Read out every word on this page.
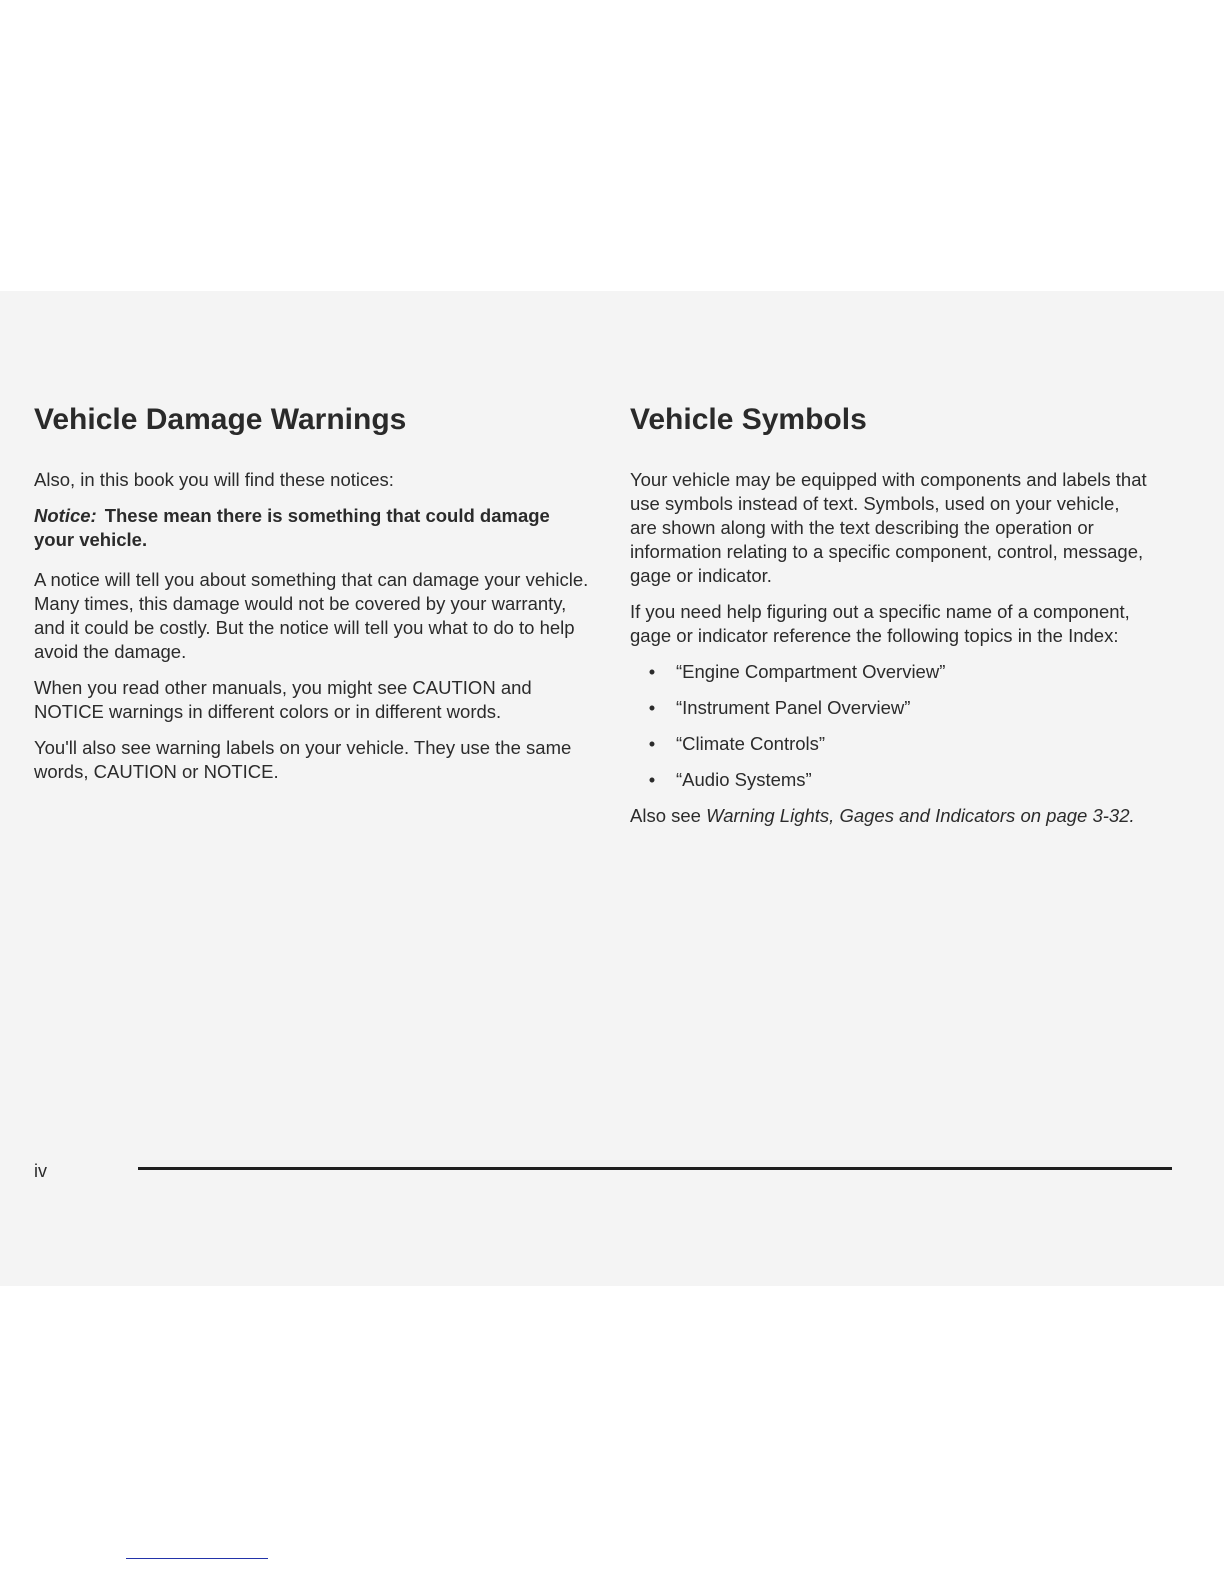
Vehicle Damage Warnings

Also, in this book you will find these notices:

Notice: These mean there is something that could damage your vehicle.

A notice will tell you about something that can damage your vehicle. Many times, this damage would not be covered by your warranty, and it could be costly. But the notice will tell you what to do to help avoid the damage.

When you read other manuals, you might see CAUTION and NOTICE warnings in different colors or in different words.

You'll also see warning labels on your vehicle. They use the same words, CAUTION or NOTICE.

Vehicle Symbols

Your vehicle may be equipped with components and labels that use symbols instead of text. Symbols, used on your vehicle, are shown along with the text describing the operation or information relating to a specific component, control, message, gage or indicator.

If you need help figuring out a specific name of a component, gage or indicator reference the following topics in the Index:

• “Engine Compartment Overview”
• “Instrument Panel Overview”
• “Climate Controls”
• “Audio Systems”

Also see Warning Lights, Gages and Indicators on page 3-32.

iv
